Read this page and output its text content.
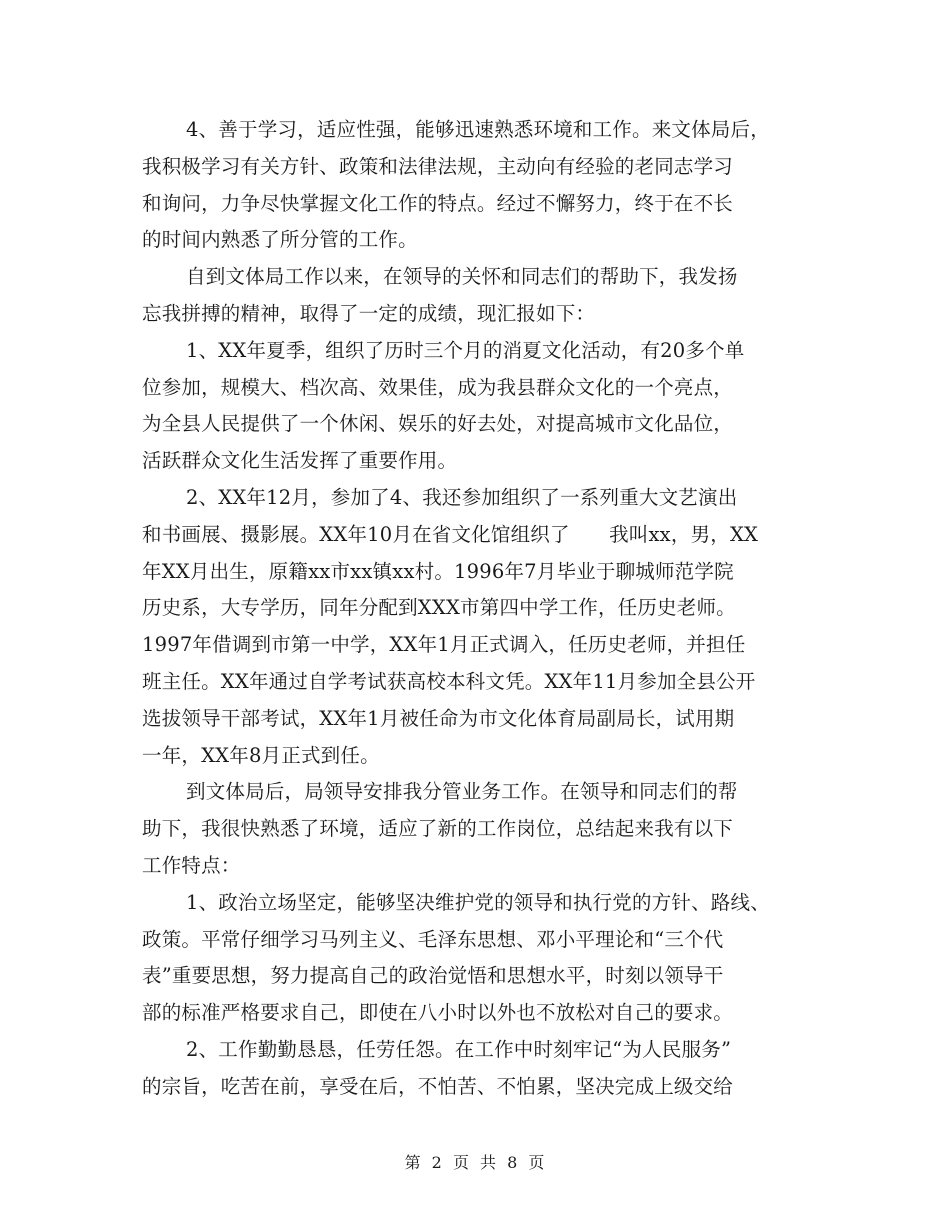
4、善于学习，适应性强，能够迅速熟悉环境和工作。来文体局后，
我积极学习有关方针、政策和法律法规，主动向有经验的老同志学习
和询问，力争尽快掌握文化工作的特点。经过不懈努力，终于在不长
的时间内熟悉了所分管的工作。
自到文体局工作以来，在领导的关怀和同志们的帮助下，我发扬
忘我拼搏的精神，取得了一定的成绩，现汇报如下：
1、XX年夏季，组织了历时三个月的消夏文化活动，有20多个单
位参加，规模大、档次高、效果佳，成为我县群众文化的一个亮点，
为全县人民提供了一个休闲、娱乐的好去处，对提高城市文化品位，
活跃群众文化生活发挥了重要作用。
2、XX年12月，参加了4、我还参加组织了一系列重大文艺演出
和书画展、摄影展。XX年10月在省文化馆组织了　　我叫xx，男，XX
年XX月出生，原籍xx市xx镇xx村。1996年7月毕业于聊城师范学院
历史系，大专学历，同年分配到XXX市第四中学工作，任历史老师。
1997年借调到市第一中学，XX年1月正式调入，任历史老师，并担任
班主任。XX年通过自学考试获高校本科文凭。XX年11月参加全县公开
选拔领导干部考试，XX年1月被任命为市文化体育局副局长，试用期
一年，XX年8月正式到任。
到文体局后，局领导安排我分管业务工作。在领导和同志们的帮
助下，我很快熟悉了环境，适应了新的工作岗位，总结起来我有以下
工作特点：
1、政治立场坚定，能够坚决维护党的领导和执行党的方针、路线、
政策。平常仔细学习马列主义、毛泽东思想、邓小平理论和“三个代
表”重要思想，努力提高自己的政治觉悟和思想水平，时刻以领导干
部的标准严格要求自己，即使在八小时以外也不放松对自己的要求。
2、工作勤勤恳恳，任劳任怨。在工作中时刻牢记“为人民服务”
的宗旨，吃苦在前，享受在后，不怕苦、不怕累，坚决完成上级交给
第 2 页 共 8 页
